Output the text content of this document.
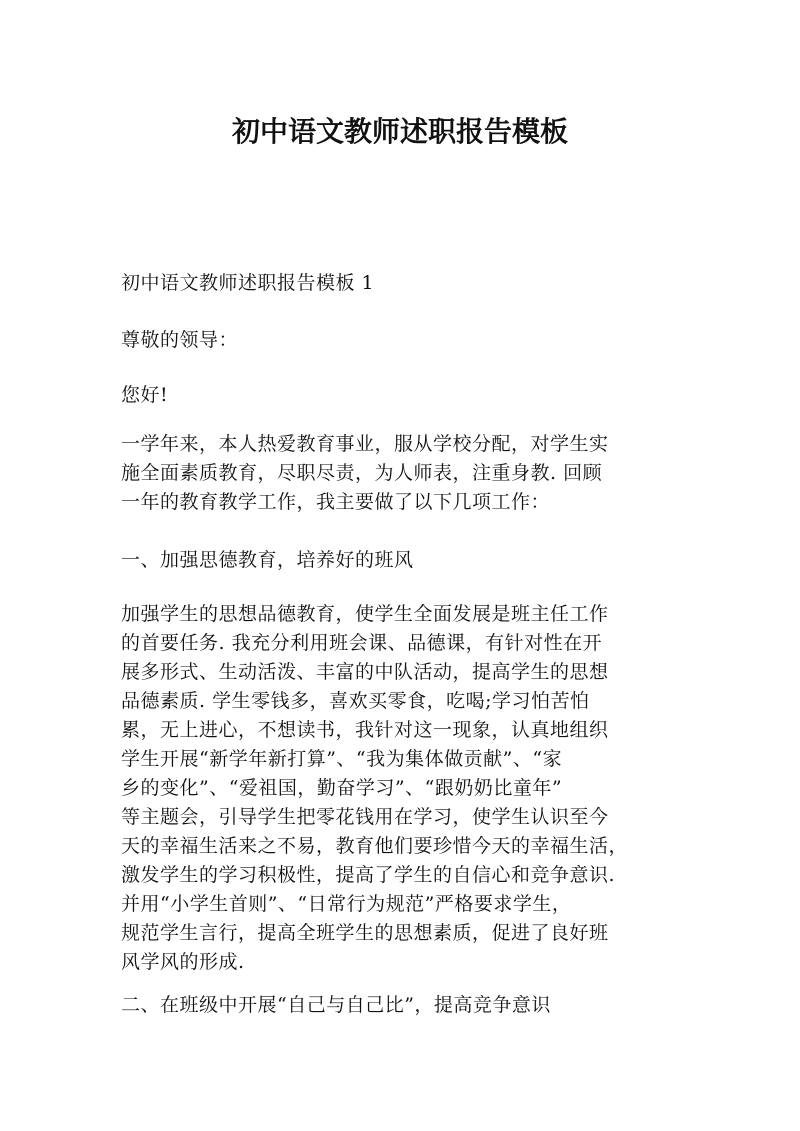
初中语文教师述职报告模板
初中语文教师述职报告模板 1
尊敬的领导：
您好!
一学年来，本人热爱教育事业，服从学校分配，对学生实
施全面素质教育，尽职尽责，为人师表，注重身教. 回顾
一年的教育教学工作，我主要做了以下几项工作：
一、加强思德教育，培养好的班风
加强学生的思想品德教育，使学生全面发展是班主任工作
的首要任务. 我充分利用班会课、品德课，有针对性在开
展多形式、生动活泼、丰富的中队活动，提高学生的思想
品德素质. 学生零钱多，喜欢买零食，吃喝;学习怕苦怕
累，无上进心，不想读书，我针对这一现象，认真地组织
学生开展“新学年新打算”、“我为集体做贡献”、“家
乡的变化”、“爱祖国，勤奋学习”、“跟奶奶比童年”
等主题会，引导学生把零花钱用在学习，使学生认识至今
天的幸福生活来之不易，教育他们要珍惜今天的幸福生活，
激发学生的学习积极性，提高了学生的自信心和竞争意识.
并用“小学生首则”、“日常行为规范”严格要求学生，
规范学生言行，提高全班学生的思想素质，促进了良好班
风学风的形成.
二、在班级中开展“自己与自己比”，提高竞争意识
